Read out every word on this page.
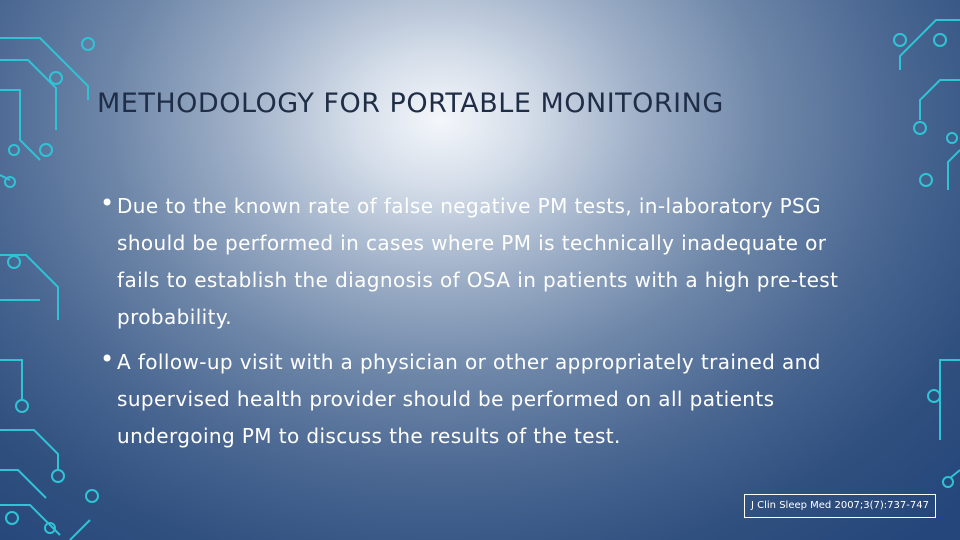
METHODOLOGY FOR PORTABLE MONITORING
• Due to the known rate of false negative PM tests, in-laboratory PSG should be performed in cases where PM is technically inadequate or fails to establish the diagnosis of OSA in patients with a high pre-test probability.
• A follow-up visit with a physician or other appropriately trained and supervised health provider should be performed on all patients undergoing PM to discuss the results of the test.
J Clin Sleep Med 2007;3(7):737-747
